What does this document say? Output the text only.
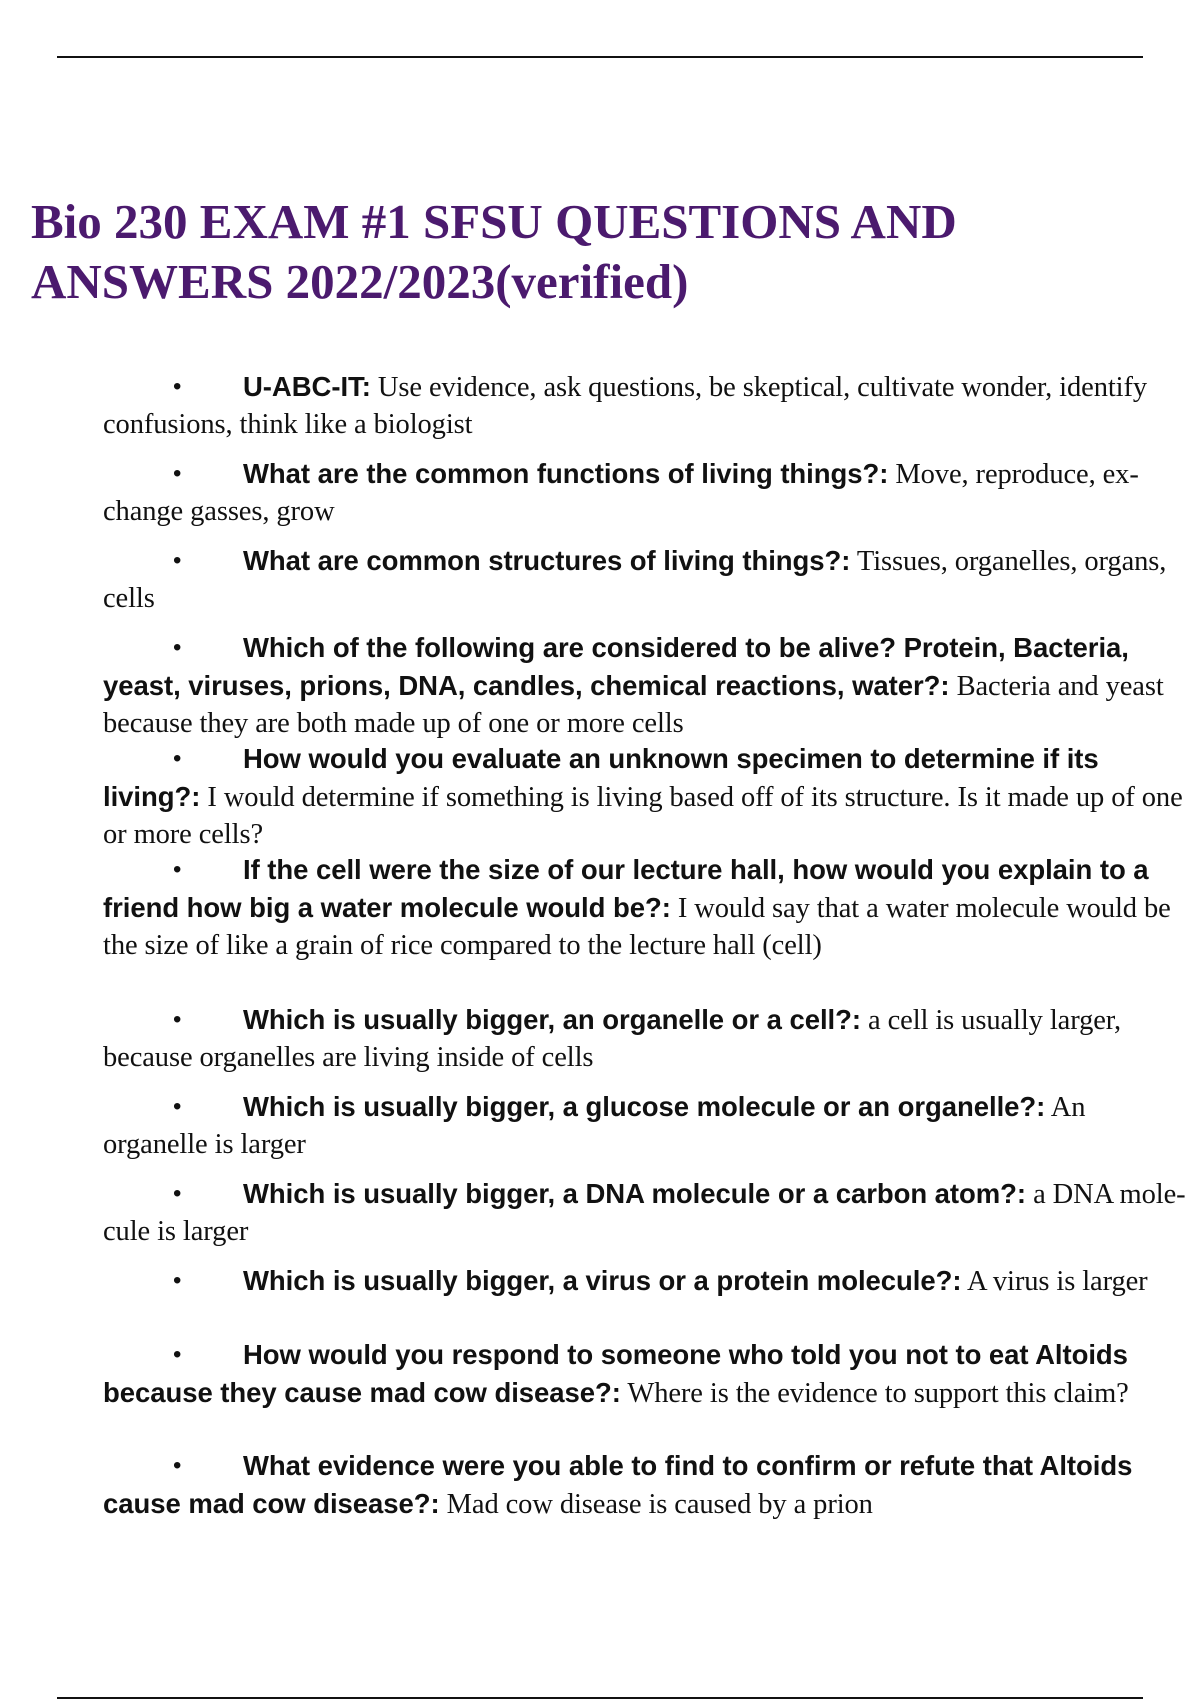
Bio 230 EXAM #1 SFSU QUESTIONS AND ANSWERS 2022/2023(verified)
• U-ABC-IT: Use evidence, ask questions, be skeptical, cultivate wonder, identify confusions, think like a biologist
• What are the common functions of living things?: Move, reproduce, ex- change gasses, grow
• What are common structures of living things?: Tissues, organelles, organs, cells
• Which of the following are considered to be alive? Protein, Bacteria, yeast, viruses, prions, DNA, candles, chemical reactions, water?: Bacteria and yeast because they are both made up of one or more cells
• How would you evaluate an unknown specimen to determine if its living?: I would determine if something is living based off of its structure. Is it made up of one or more cells?
• If the cell were the size of our lecture hall, how would you explain to a friend how big a water molecule would be?: I would say that a water molecule would be the size of like a grain of rice compared to the lecture hall (cell)
• Which is usually bigger, an organelle or a cell?: a cell is usually larger, because organelles are living inside of cells
• Which is usually bigger, a glucose molecule or an organelle?: An organelle is larger
• Which is usually bigger, a DNA molecule or a carbon atom?: a DNA mole- cule is larger
• Which is usually bigger, a virus or a protein molecule?: A virus is larger
• How would you respond to someone who told you not to eat Altoids because they cause mad cow disease?: Where is the evidence to support this claim?
• What evidence were you able to find to confirm or refute that Altoids cause mad cow disease?: Mad cow disease is caused by a prion
